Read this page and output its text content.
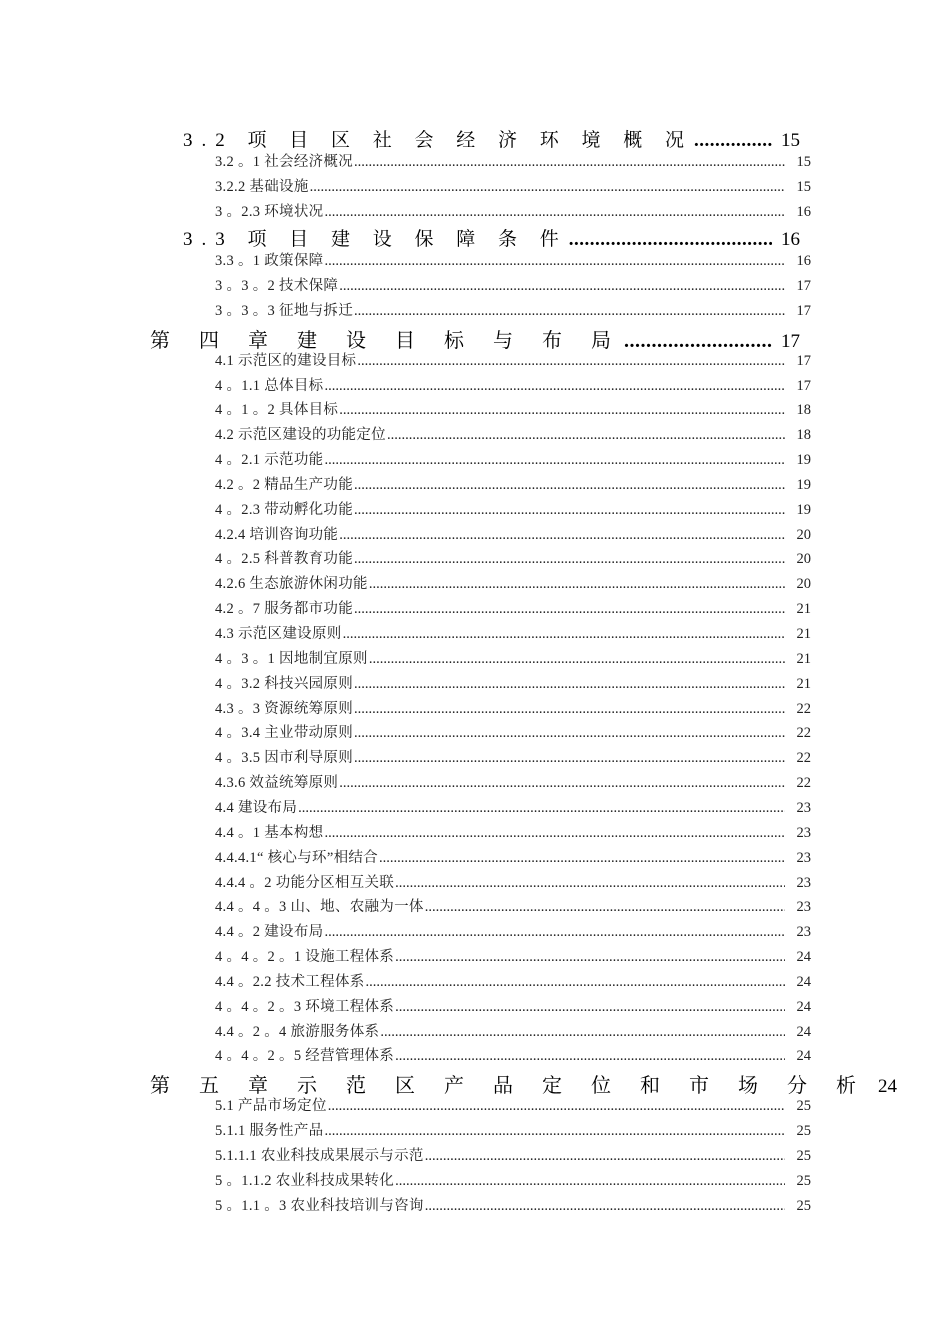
3.2 项 目 区 社 会 经 济 环 境 概 况 .....	15
3.2 。1 社会经济概况 .....	15
3.2.2 基础设施 .....	15
3 。2.3 环境状况 .....	16
3.3 项 目 建 设 保 障 条 件 .....	16
3.3 。1 政策保障 .....	16
3 。3 。2 技术保障 .....	17
3 。3 。3 征地与拆迁 .....	17
第 四 章 建 设 目 标 与 布 局 .....	17
4.1 示范区的建设目标 .....	17
4 。1.1 总体目标 .....	17
4 。1 。2 具体目标 .....	18
4.2 示范区建设的功能定位 .....	18
4 。2.1 示范功能 .....	19
4.2 。2 精品生产功能 .....	19
4 。2.3 带动孵化功能 .....	19
4.2.4 培训咨询功能 .....	20
4 。2.5 科普教育功能 .....	20
4.2.6 生态旅游休闲功能 .....	20
4.2 。7 服务都市功能 .....	21
4.3 示范区建设原则 .....	21
4 。3 。1 因地制宜原则 .....	21
4 。3.2 科技兴园原则 .....	21
4.3 。3 资源统筹原则 .....	22
4 。3.4 主业带动原则 .....	22
4 。3.5 因市利导原则 .....	22
4.3.6 效益统筹原则 .....	22
4.4 建设布局 .....	23
4.4 。1 基本构想 .....	23
4.4.4.1“ 核心与环”相结合 .....	23
4.4.4 。2 功能分区相互关联 .....	23
4.4 。4 。3 山、地、农融为一体 .....	23
4.4 。2 建设布局 .....	23
4 。4 。2 。1 设施工程体系 .....	24
4.4 。2.2 技术工程体系 .....	24
4 。4 。2 。3 环境工程体系 .....	24
4.4 。2 。4 旅游服务体系 .....	24
4 。4 。2 。5 经营管理体系 .....	24
第 五 章 示 范 区 产 品 定 位 和 市 场 分 析 24
5.1 产品市场定位 .....	25
5.1.1 服务性产品 .....	25
5.1.1.1 农业科技成果展示与示范 .....	25
5 。1.1.2 农业科技成果转化 .....	25
5 。1.1 。3 农业科技培训与咨询 .....	25
